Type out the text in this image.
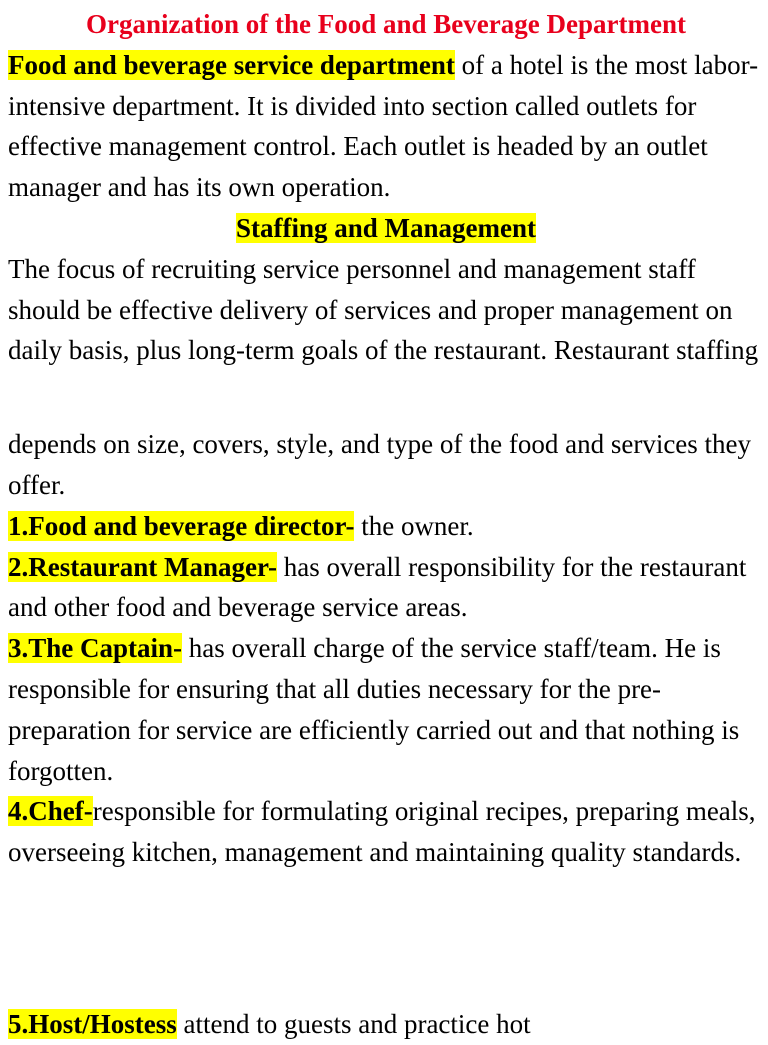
Organization of the Food and Beverage Department

Food and beverage service department of a hotel is the most labor-intensive department. It is divided into section called outlets for effective management control. Each outlet is headed by an outlet manager and has its own operation.

Staffing and Management

The focus of recruiting service personnel and management staff should be effective delivery of services and proper management on daily basis, plus long-term goals of the restaurant. Restaurant staffing

depends on size, covers, style, and type of the food and services they offer.

1.Food and beverage director- the owner.

2.Restaurant Manager- has overall responsibility for the restaurant and other food and beverage service areas.

3.The Captain- has overall charge of the service staff/team. He is responsible for ensuring that all duties necessary for the pre-preparation for service are efficiently carried out and that nothing is forgotten.

4.Chef-responsible for formulating original recipes, preparing meals, overseeing kitchen, management and maintaining quality standards.

5.Host/Hostess attend to guests and practice hot
